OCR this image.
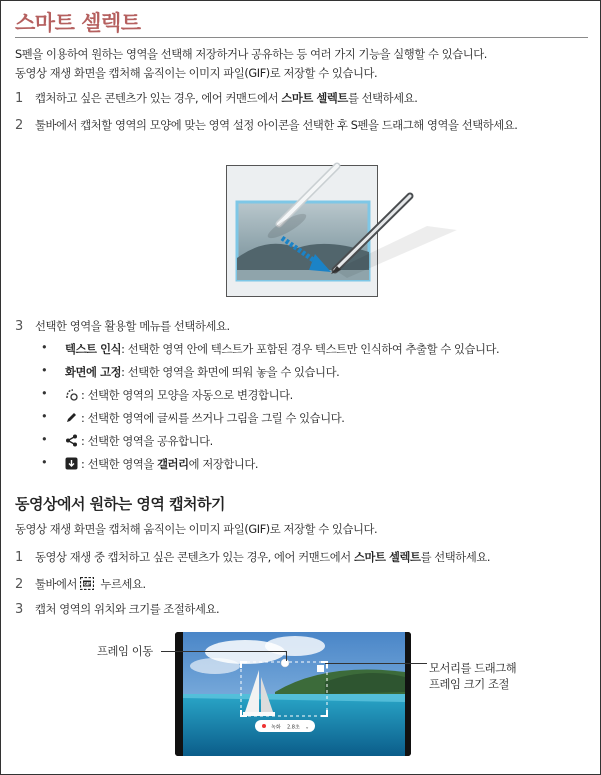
스마트 셀렉트
S펜을 이용하여 원하는 영역을 선택해 저장하거나 공유하는 등 여러 가지 기능을 실행할 수 있습니다.
동영상 재생 화면을 캡처해 움직이는 이미지 파일(GIF)로 저장할 수 있습니다.
1 캡처하고 싶은 콘텐츠가 있는 경우, 에어 커맨드에서 스마트 셀렉트를 선택하세요.
2 툴바에서 캡처할 영역의 모양에 맞는 영역 설정 아이콘을 선택한 후 S펜을 드래그해 영역을 선택하세요.
3 선택한 영역을 활용할 메뉴를 선택하세요.
• 텍스트 인식: 선택한 영역 안에 텍스트가 포함된 경우 텍스트만 인식하여 추출할 수 있습니다.
• 화면에 고정: 선택한 영역을 화면에 띄워 놓을 수 있습니다.
• : 선택한 영역의 모양을 자동으로 변경합니다.
• : 선택한 영역에 글씨를 쓰거나 그림을 그릴 수 있습니다.
• : 선택한 영역을 공유합니다.
• : 선택한 영역을 갤러리에 저장합니다.
동영상에서 원하는 영역 캡처하기
동영상 재생 화면을 캡처해 움직이는 이미지 파일(GIF)로 저장할 수 있습니다.
1 동영상 재생 중 캡처하고 싶은 콘텐츠가 있는 경우, 에어 커맨드에서 스마트 셀렉트를 선택하세요.
2 툴바에서 GIF 누르세요.
3 캡처 영역의 위치와 크기를 조절하세요.
녹화 2.8초 ⌄
프레임 이동
모서리를 드래그해
프레임 크기 조절
